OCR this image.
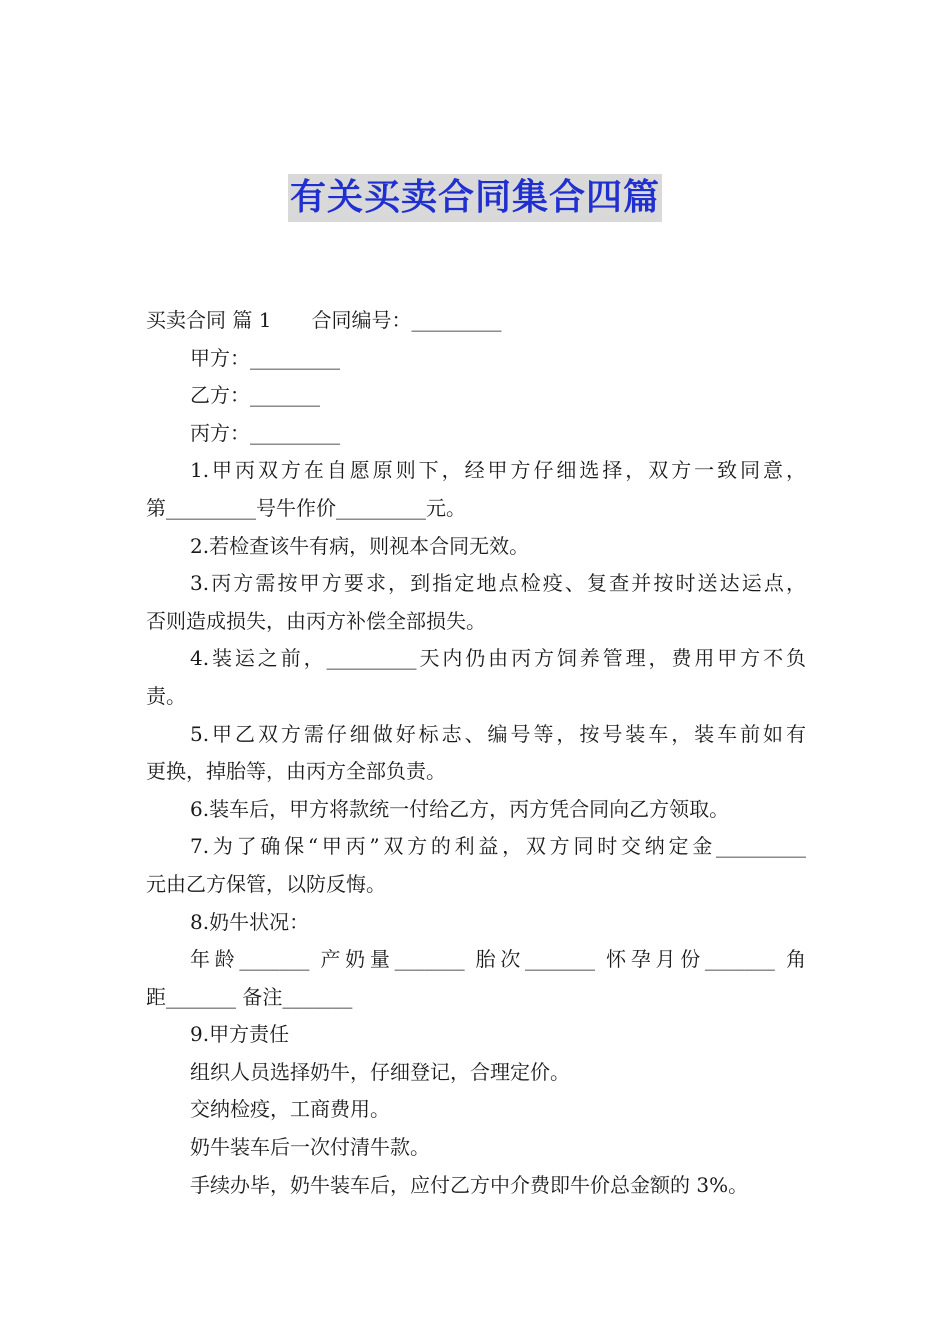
有关买卖合同集合四篇
买卖合同 篇 1 合同编号：_________
甲方：_________
乙方：_______
丙方：_________
1.甲丙双方在自愿原则下，经甲方仔细选择，双方一致同意，
第_________号牛作价_________元。
2.若检查该牛有病，则视本合同无效。
3.丙方需按甲方要求，到指定地点检疫、复查并按时送达运点，
否则造成损失，由丙方补偿全部损失。
4.装运之前，_________天内仍由丙方饲养管理，费用甲方不负
责。
5.甲乙双方需仔细做好标志、编号等，按号装车，装车前如有
更换，掉胎等，由丙方全部负责。
6.装车后，甲方将款统一付给乙方，丙方凭合同向乙方领取。
7.为了确保“甲丙”双方的利益，双方同时交纳定金_________
元由乙方保管，以防反悔。
8.奶牛状况：
年龄_______ 产奶量_______ 胎次_______ 怀孕月份_______ 角
距_______ 备注_______
9.甲方责任
组织人员选择奶牛，仔细登记，合理定价。
交纳检疫，工商费用。
奶牛装车后一次付清牛款。
手续办毕，奶牛装车后，应付乙方中介费即牛价总金额的 3%。
